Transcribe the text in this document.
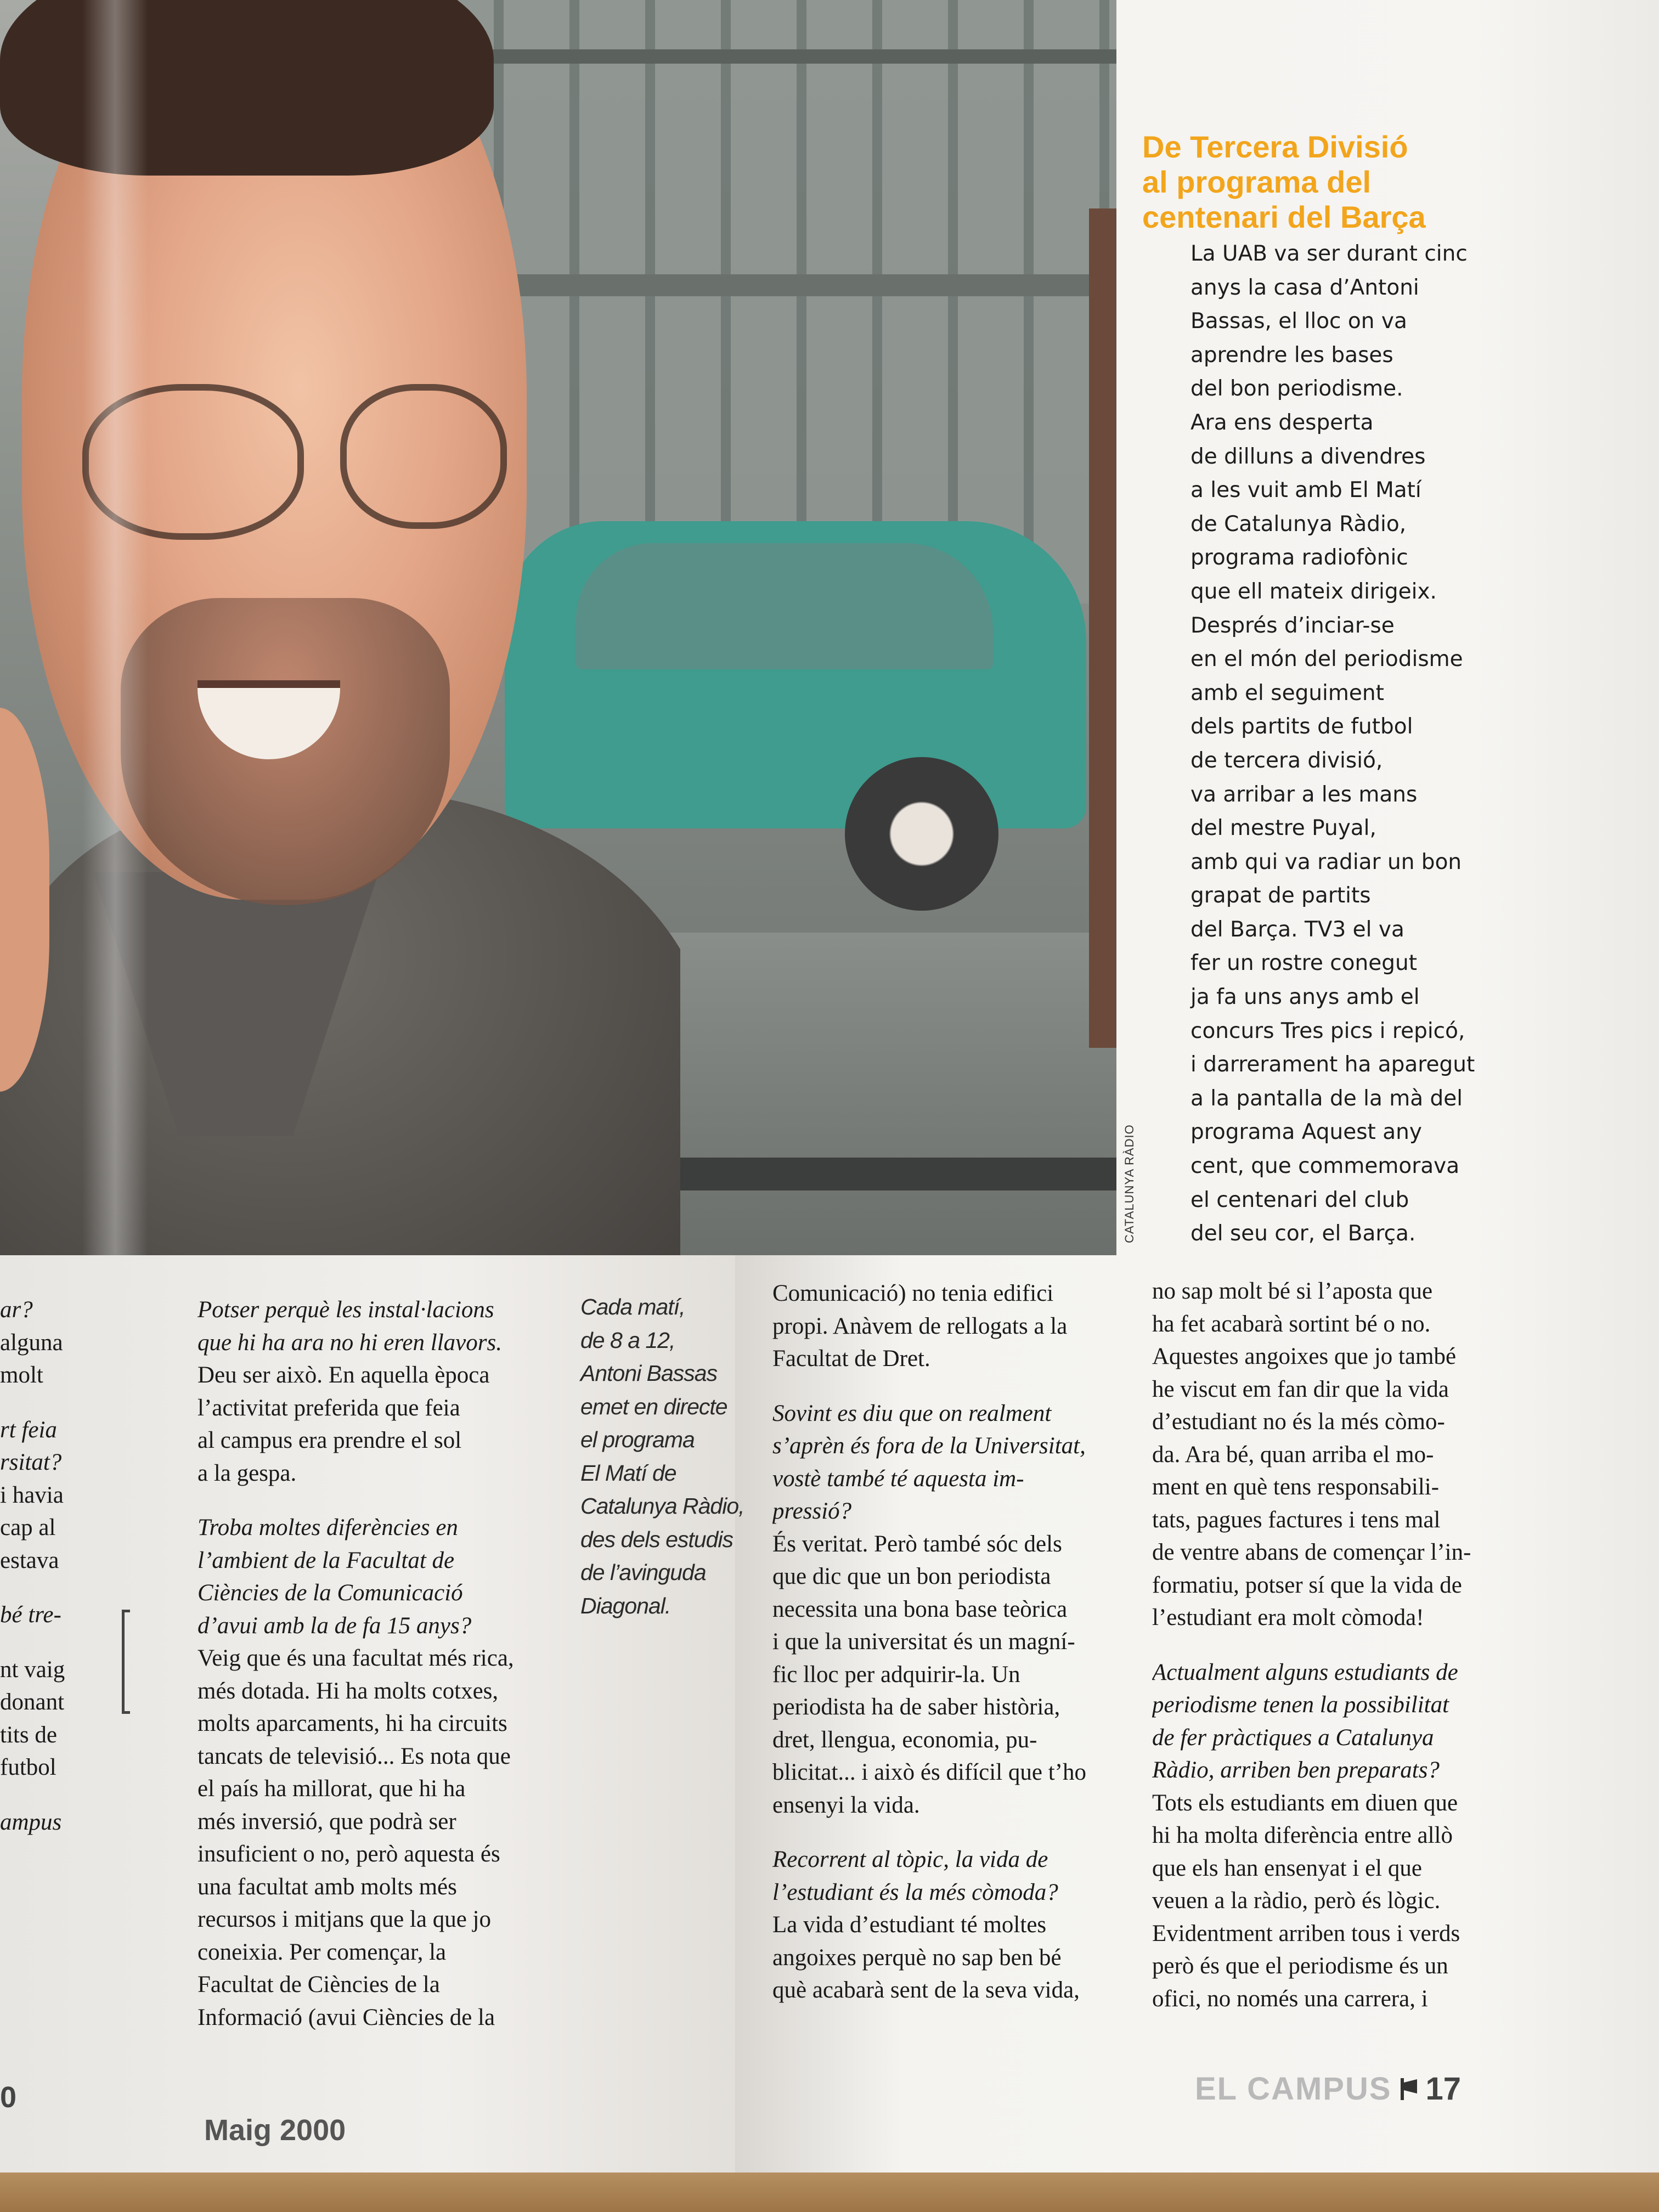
CATALUNYA RÀDIO
De Tercera Divisió
al programa del
centenari del Barça
La UAB va ser durant cinc
anys la casa d’Antoni
Bassas, el lloc on va
aprendre les bases
del bon periodisme.
Ara ens desperta
de dilluns a divendres
a les vuit amb El Matí
de Catalunya Ràdio,
programa radiofònic
que ell mateix dirigeix.
Després d’inciar-se
en el món del periodisme
amb el seguiment
dels partits de futbol
de tercera divisió,
va arribar a les mans
del mestre Puyal,
amb qui va radiar un bon
grapat de partits
del Barça. TV3 el va
fer un rostre conegut
ja fa uns anys amb el
concurs Tres pics i repicó,
i darrerament ha aparegut
a la pantalla de la mà del
programa Aquest any
cent, que commemorava
el centenari del club
del seu cor, el Barça.
ar?
alguna
molt
rt feia
rsitat?
i havia
cap al
estava
bé tre-
nt vaig
donant
tits de
futbol
ampus
Potser perquè les instal·lacions
que hi ha ara no hi eren llavors.
Deu ser això. En aquella època
l’activitat preferida que feia
al campus era prendre el sol
a la gespa.
Troba moltes diferències en
l’ambient de la Facultat de
Ciències de la Comunicació
d’avui amb la de fa 15 anys?
Veig que és una facultat més rica,
més dotada. Hi ha molts cotxes,
molts aparcaments, hi ha circuits
tancats de televisió... Es nota que
el país ha millorat, que hi ha
més inversió, que podrà ser
insuficient o no, però aquesta és
una facultat amb molts més
recursos i mitjans que la que jo
coneixia. Per començar, la
Facultat de Ciències de la
Informació (avui Ciències de la
Cada matí,
de 8 a 12,
Antoni Bassas
emet en directe
el programa
El Matí de
Catalunya Ràdio,
des dels estudis
de l’avinguda
Diagonal.
Comunicació) no tenia edifici
propi. Anàvem de rellogats a la
Facultat de Dret.
Sovint es diu que on realment
s’aprèn és fora de la Universitat,
vostè també té aquesta im-
pressió?
És veritat. Però també sóc dels
que dic que un bon periodista
necessita una bona base teòrica
i que la universitat és un magní-
fic lloc per adquirir-la. Un
periodista ha de saber història,
dret, llengua, economia, pu-
blicitat... i això és difícil que t’ho
ensenyi la vida.
Recorrent al tòpic, la vida de
l’estudiant és la més còmoda?
La vida d’estudiant té moltes
angoixes perquè no sap ben bé
què acabarà sent de la seva vida,
no sap molt bé si l’aposta que
ha fet acabarà sortint bé o no.
Aquestes angoixes que jo també
he viscut em fan dir que la vida
d’estudiant no és la més còmo-
da. Ara bé, quan arriba el mo-
ment en què tens responsabili-
tats, pagues factures i tens mal
de ventre abans de començar l’in-
formatiu, potser sí que la vida de
l’estudiant era molt còmoda!
Actualment alguns estudiants de
periodisme tenen la possibilitat
de fer pràctiques a Catalunya
Ràdio, arriben ben preparats?
Tots els estudiants em diuen que
hi ha molta diferència entre allò
que els han ensenyat i el que
veuen a la ràdio, però és lògic.
Evidentment arriben tous i verds
però és que el periodisme és un
ofici, no només una carrera, i
0
Maig 2000
EL CAMPUS 17
